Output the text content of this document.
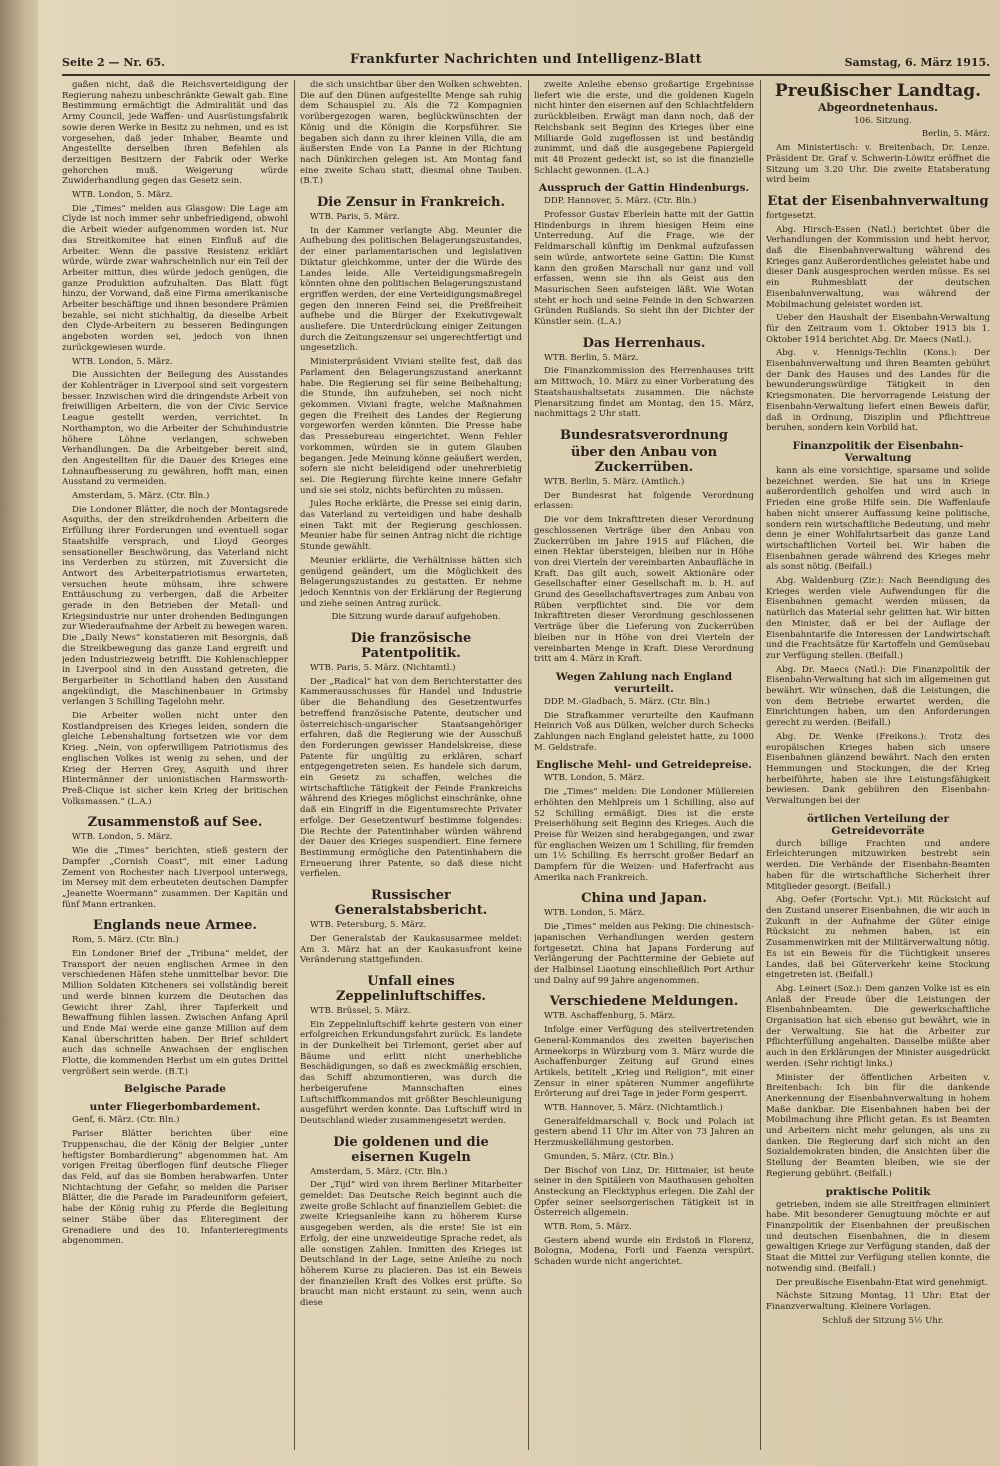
Seite 2 — Nr. 65.	Frankfurter Nachrichten und Intelligenz-Blatt	Samstag, 6. März 1915.

gaßen nicht, daß die Reichsverteidigung der Regierung nahezu unbeschränkte Gewalt gab. Eine Bestimmung ermächtigt die Admiralität und das Army Council, jede Waffen- und Ausrüstungsfabrik sowie deren Werke in Besitz zu nehmen, und es ist vorgesehen, daß jeder Inhaber, Beamte und Angestellte derselben ihren Befehlen als derzeitigen Besitzern der Fabrik oder Werke gehorchen muß. Weigerung würde Zuwiderhandlung gegen das Gesetz sein.

WTB. London, 5. März.

Die „Times“ melden aus Glasgow: Die Lage am Clyde ist noch immer sehr unbefriedigend, obwohl die Arbeit wieder aufgenommen worden ist. Nur das Streitkomitee hat einen Einfluß auf die Arbeiter. Wenn die passive Resistenz erklärt würde, würde zwar wahrscheinlich nur ein Teil der Arbeiter mittun, dies würde jedoch genügen, die ganze Produktion aufzuhalten. Das Blatt fügt hinzu, der Vorwand, daß eine Firma amerikanische Arbeiter beschäftige und ihnen besondere Prämien bezahle, sei nicht stichhaltig, da dieselbe Arbeit den Clyde-Arbeitern zu besseren Bedingungen angeboten worden sei, jedoch von ihnen zurückgewiesen wurde.

WTB. London, 5. März.

Die Aussichten der Beilegung des Ausstandes der Kohlenträger in Liverpool sind seit vorgestern besser. Inzwischen wird die dringendste Arbeit von freiwilligen Arbeitern, die von der Civic Service League gestellt werden, verrichtet. In Northampton, wo die Arbeiter der Schuhindustrie höhere Löhne verlangen, schweben Verhandlungen. Da die Arbeitgeber bereit sind, den Angestellten für die Dauer des Krieges eine Lohnaufbesserung zu gewähren, hofft man, einen Ausstand zu vermeiden.

Amsterdam, 5. März. (Ctr. Bln.)

Die Londoner Blätter, die noch der Montagsrede Asquiths, der den streikdrohenden Arbeitern die Erfüllung ihrer Forderungen und eventuell sogar Staatshilfe versprach, und Lloyd Georges sensationeller Beschwörung, das Vaterland nicht ins Verderben zu stürzen, mit Zuversicht die Antwort des Arbeiterpatriotismus erwarteten, versuchen heute mühsam, ihre schwere Enttäuschung zu verbergen, daß die Arbeiter gerade in den Betrieben der Metall- und Kriegsindustrie nur unter drohenden Bedingungen zur Wiederaufnahme der Arbeit zu bewegen waren. Die „Daily News“ konstatieren mit Besorgnis, daß die Streikbewegung das ganze Land ergreift und jeden Industriezweig betrifft. Die Kohlenschlepper in Liverpool sind in den Ausstand getreten, die Bergarbeiter in Schottland haben den Ausstand angekündigt, die Maschinenbauer in Grimsby verlangen 3 Schilling Tagelohn mehr.

Die Arbeiter wollen nicht unter den Kostlandpreisen des Krieges leiden, sondern die gleiche Lebenshaltung fortsetzen wie vor dem Krieg. „Nein, von opferwilligem Patriotismus des englischen Volkes ist wenig zu sehen, und der Krieg der Herren Grey, Asquith und ihrer Hintermänner der unionistischen Harmsworth-Preß-Clique ist sicher kein Krieg der britischen Volksmassen.“ (L.A.)

Zusammenstoß auf See.

WTB. London, 5. März.

Wie die „Times“ berichten, stieß gestern der Dampfer „Cornish Coast“, mit einer Ladung Zement von Rochester nach Liverpool unterwegs, im Mersey mit dem erbeuteten deutschen Dampfer „Jeanette Woermann“ zusammen. Der Kapitän und fünf Mann ertranken.

Englands neue Armee.

Rom, 5. März. (Ctr. Bln.)

Ein Londoner Brief der „Tribuna“ meldet, der Transport der neuen englischen Armee in den verschiedenen Häfen stehe unmittelbar bevor. Die Million Soldaten Kitcheners sei vollständig bereit und werde binnen kurzem die Deutschen das Gewicht ihrer Zahl, ihrer Tapferkeit und Bewaffnung fühlen lassen. Zwischen Anfang April und Ende Mai werde eine ganze Million auf dem Kanal überschritten haben. Der Brief schildert auch das schnelle Anwachsen der englischen Flotte, die kommenden Herbst um ein gutes Drittel vergrößert sein werde. (B.T.)

Belgische Parade
unter Fliegerbombardement.

Genf, 6. März. (Ctr. Bln.)

Pariser Blätter berichten über eine Truppenschau, die der König der Belgier „unter heftigster Bombardierung“ abgenommen hat. Am vorigen Freitag überflogen fünf deutsche Flieger das Feld, auf das sie Bomben herabwarfen. Unter Nichtachtung der Gefahr, so melden die Pariser Blätter, die die Parade im Paradeuniform gefeiert, habe der König ruhig zu Pferde die Begleitung seiner Stäbe über das Eliteregiment der Grenadiere und des 10. Infanterieregiments abgenommen.

die sich unsichtbar über den Wolken schwebten. Die auf den Dünen aufgestellte Menge sah ruhig dem Schauspiel zu. Als die 72 Kompagnien vorübergezogen waren, beglückwünschten der König und die Königin die Korpsführer. Sie begaben sich dann zu ihrer kleinen Villa, die am äußersten Ende von La Panne in der Richtung nach Dünkirchen gelegen ist. Am Montag fand eine zweite Schau statt, diesmal ohne Tauben. (B.T.)

Die Zensur in Frankreich.

WTB. Paris, 5. März.

In der Kammer verlangte Abg. Meunier die Aufhebung des politischen Belagerungszustandes, der einer parlamentarischen und legislativen Diktatur gleichkomme, unter der die Würde des Landes leide. Alle Verteidigungsmaßregeln könnten ohne den politischen Belagerungszustand ergriffen werden, der eine Verteidigungsmaßregel gegen den inneren Feind sei, die Preßfreiheit aufhebe und die Bürger der Exekutivgewalt ausliefere. Die Unterdrückung einiger Zeitungen durch die Zeitungszensur sei ungerechtfertigt und ungesetzlich.

Ministerpräsident Viviani stellte fest, daß das Parlament den Belagerungszustand anerkannt habe. Die Regierung sei für seine Beibehaltung; die Stunde, ihn aufzuheben, sei noch nicht gekommen. Viviani fragte, welche Maßnahmen gegen die Freiheit des Landes der Regierung vorgeworfen werden könnten. Die Presse habe das Pressebureau eingerichtet. Wenn Fehler vorkommen, würden sie in gutem Glauben begangen. Jede Meinung könne geäußert werden, sofern sie nicht beleidigend oder unehrerbietig sei. Die Regierung fürchte keine innere Gefahr und sie sei stolz, nichts befürchten zu müssen.

Jules Roche erklärte, die Presse sei einig darin, das Vaterland zu verteidigen und habe deshalb einen Takt mit der Regierung geschlossen. Meunier habe für seinen Antrag nicht die richtige Stunde gewählt.

Meunier erklärte, die Verhältnisse hätten sich genügend geändert, um die Möglichkeit des Belagerungszustandes zu gestatten. Er nehme jedoch Kenntnis von der Erklärung der Regierung und ziehe seinen Antrag zurück.

Die Sitzung wurde darauf aufgehoben.

Die französische Patentpolitik.

WTB. Paris, 5. März. (Nichtamtl.)

Der „Radical“ hat von dem Berichterstatter des Kammerausschusses für Handel und Industrie über die Behandlung des Gesetzentwurfes betreffend französische Patente, deutscher und österreichisch-ungarischer Staatsangehöriger erfahren, daß die Regierung wie der Ausschuß den Forderungen gewisser Handelskreise, diese Patente für ungültig zu erklären, scharf entgegengetreten seien. Es handele sich darum, ein Gesetz zu schaffen, welches die wirtschaftliche Tätigkeit der Feinde Frankreichs während des Krieges möglichst einschränke, ohne daß ein Eingriff in die Eigentumsrechte Privater erfolge. Der Gesetzentwurf bestimme folgendes: Die Rechte der Patentinhaber würden während der Dauer des Krieges suspendiert. Eine fernere Bestimmung ermögliche den Patentinhabern die Erneuerung ihrer Patente, so daß diese nicht verfielen.

Russischer Generalstabsbericht.

WTB. Petersburg, 5. März.

Der Generalstab der Kaukasusarmee meldet: Am 3. März hat an der Kaukasusfront keine Veränderung stattgefunden.

Unfall eines Zeppelinluftschiffes.

WTB. Brüssel, 5. März.

Ein Zeppelinluftschiff kehrte gestern von einer erfolgreichen Erkundungsfahrt zurück. Es landete in der Dunkelheit bei Tirlemont, geriet aber auf Bäume und erlitt nicht unerhebliche Beschädigungen, so daß es zweckmäßig erschien, das Schiff abzumontieren, was durch die herbeigerufene Mannschaften eines Luftschiffkommandos mit größter Beschleunigung ausgeführt werden konnte. Das Luftschiff wird in Deutschland wieder zusammengesetzt werden.

Die goldenen und die eisernen Kugeln

Amsterdam, 5. März. (Ctr. Bln.)

Der „Tijd“ wird von ihrem Berliner Mitarbeiter gemeldet: Das Deutsche Reich beginnt auch die zweite große Schlacht auf finanziellem Gebiet: die zweite Kriegsanleihe kann zu höherem Kurse ausgegeben werden, als die erste! Sie ist ein Erfolg, der eine unzweideutige Sprache redet, als alle sonstigen Zahlen. Inmitten des Krieges ist Deutschland in der Lage, seine Anleihe zu noch höherem Kurse zu placieren. Das ist ein Beweis der finanziellen Kraft des Volkes erst prüfte. So braucht man nicht erstaunt zu sein, wenn auch diese

zweite Anleihe ebenso großartige Ergebnisse liefert wie die erste, und die goldenen Kugeln nicht hinter den eisernen auf den Schlachtfeldern zurückbleiben. Erwägt man dann noch, daß der Reichsbank seit Beginn des Krieges über eine Milliarde Gold zugeflossen ist und beständig zunimmt, und daß die ausgegebene Papiergeld mit 48 Prozent gedeckt ist, so ist die finanzielle Schlacht gewonnen. (L.A.)

Ausspruch der Gattin Hindenburgs.

DDP. Hannover, 5. März. (Ctr. Bln.)

Professor Gustav Eberlein hatte mit der Gattin Hindenburgs in ihrem hiesigen Heim eine Unterredung. Auf die Frage, wie der Feldmarschall künftig im Denkmal aufzufassen sein würde, antwortete seine Gattin: Die Kunst kann den großen Marschall nur ganz und voll erfassen, wenn sie ihn als Geist aus den Masurischen Seen aufsteigen läßt. Wie Wotan steht er hoch und seine Feinde in den Schwarzen Gründen Rußlands. So sieht ihn der Dichter der Künstler sein. (L.A.)

Das Herrenhaus.

WTB. Berlin, 5. März.

Die Finanzkommission des Herrenhauses tritt am Mittwoch, 10. März zu einer Vorberatung des Staatshaushaltsetats zusammen. Die nächste Plenarsitzung findet am Montag, den 15. März, nachmittags 2 Uhr statt.

Bundesratsverordnung
über den Anbau von Zuckerrüben.

WTB. Berlin, 5. März. (Amtlich.)

Der Bundesrat hat folgende Verordnung erlassen:

Die vor dem Inkrafttreten dieser Verordnung geschlossenen Verträge über den Anbau von Zuckerrüben im Jahre 1915 auf Flächen, die einen Hektar übersteigen, bleiben nur in Höhe von drei Vierteln der vereinbarten Anbaufläche in Kraft. Das gilt auch, soweit Aktionäre oder Gesellschafter einer Gesellschaft m. b. H. auf Grund des Gesellschaftsvertrages zum Anbau von Rüben verpflichtet sind. Die vor dem Inkrafttreten dieser Verordnung geschlossenen Verträge über die Lieferung von Zuckerrüben bleiben nur in Höhe von drei Vierteln der vereinbarten Menge in Kraft. Diese Verordnung tritt am 4. März in Kraft.

Wegen Zahlung nach England verurteilt.

DDP. M.-Gladbach, 5. März. (Ctr. Bln.)

Die Strafkammer verurteilte den Kaufmann Heinrich Voß aus Dülken, welcher durch Schecks Zahlungen nach England geleistet hatte, zu 1000 M. Geldstrafe.

Englische Mehl- und Getreidepreise.

WTB. London, 5. März.

Die „Times“ melden: Die Londoner Müllereien erhöhten den Mehlpreis um 1 Schilling, also auf 52 Schilling ermäßigt. Dies ist die erste Preiserhöhung seit Beginn des Krieges. Auch die Preise für Weizen sind herabgegangen, und zwar für englischen Weizen um 1 Schilling, für fremden um 1½ Schilling. Es herrscht großer Bedarf an Dampfern für die Weizen- und Haferfracht aus Amerika nach Frankreich.

China und Japan.

WTB. London, 5. März.

Die „Times“ melden aus Peking: Die chinesisch-japanischen Verhandlungen werden gestern fortgesetzt. China hat Japans Forderung auf Verlängerung der Pachttermine der Gebiete auf der Halbinsel Liaotung einschließlich Port Arthur und Dalny auf 99 Jahre angenommen.

Verschiedene Meldungen.

WTB. Aschaffenburg, 5. März.

Infolge einer Verfügung des stellvertretenden General-Kommandos des zweiten bayerischen Armeekorps in Würzburg vom 3. März wurde die Aschaffenburger Zeitung auf Grund eines Artikels, betitelt „Krieg und Religion“, mit einer Zensur in einer späteren Nummer angeführte Erörterung auf drei Tage in jeder Form gesperrt.

WTB. Hannover, 5. März. (Nichtamtlich.)

Generalfeldmarschall v. Bock und Polach ist gestern abend 11 Uhr im Alter von 73 Jahren an Herzmuskellähmung gestorben.

Gmunden, 5. März. (Ctr. Bln.)

Der Bischof von Linz, Dr. Hittmaier, ist heute seiner in den Spitälern von Mauthausen geholten Ansteckung an Flecktyphus erlegen. Die Zahl der Opfer seiner seelsorgerischen Tätigkeit ist in Österreich allgemein.

WTB. Rom, 5. März.

Gestern abend wurde ein Erdstoß in Florenz, Bologna, Modena, Forli und Faenza verspürt. Schaden wurde nicht angerichtet.

Preußischer Landtag.
Abgeordnetenhaus.

106. Sitzung.

Berlin, 5. März.

Am Ministertisch: v. Breitenbach, Dr. Lenze. Präsident Dr. Graf v. Schwerin-Löwitz eröffnet die Sitzung um 3.20 Uhr. Die zweite Etatsberatung wird beim

Etat der Eisenbahnverwaltung

fortgesetzt.

Abg. Hirsch-Essen (Natl.) berichtet über die Verhandlungen der Kommission und hebt hervor, daß die Eisenbahnverwaltung während des Krieges ganz Außerordentliches geleistet habe und dieser Dank ausgesprochen werden müsse. Es sei ein Ruhmesblatt der deutschen Eisenbahnverwaltung, was während der Mobilmachung geleistet worden ist.

Ueber den Haushalt der Eisenbahn-Verwaltung für den Zeitraum vom 1. Oktober 1913 bis 1. Oktober 1914 berichtet Abg. Dr. Maecs (Natl.).

Abg. v. Hennigs-Techlin (Kons.): Der Eisenbahnverwaltung und ihren Beamten gebührt der Dank des Hauses und des Landes für die bewunderungswürdige Tätigkeit in den Kriegsmonaten. Die hervorragende Leistung der Eisenbahn-Verwaltung liefert einen Beweis dafür, daß in Ordnung, Disziplin und Pflichttreue beruhen, sondern kein Vorbild hat.

Finanzpolitik der Eisenbahn-Verwaltung

kann als eine vorsichtige, sparsame und solide bezeichnet werden. Sie hat uns in Kriege außerordentlich geholfen und wird auch in Frieden eine große Hilfe sein. Die Waffenlaufe haben nicht unserer Auffassung keine politische, sondern rein wirtschaftliche Bedeutung, und mehr denn je einer Wohlfahrtsarbeit das ganze Land wirtschaftlichen Vorteil bei. Wir haben die Eisenbahnen gerade während des Krieges mehr als sonst nötig. (Beifall.)

Abg. Waldenburg (Zir.): Nach Beendigung des Krieges werden viele Aufwendungen für die Eisenbahnen gemacht werden müssen, da natürlich das Material sehr gelitten hat. Wir bitten den Minister, daß er bei der Auflage der Eisenbahntarife die Interessen der Landwirtschaft und die Frachtsätze für Kartoffeln und Gemüsebau zur Verfügung stellen. (Beifall.)

Abg. Dr. Maecs (Natl.): Die Finanzpolitik der Eisenbahn-Verwaltung hat sich im allgemeinen gut bewährt. Wir wünschen, daß die Leistungen, die von dem Betriebe erwartet werden, die Einrichtungen haben, um den Anforderungen gerecht zu werden. (Beifall.)

Abg. Dr. Wenke (Freikons.): Trotz des europäischen Krieges haben sich unsere Eisenbahnen glänzend bewährt. Nach den ersten Hemmungen und Stockungen, die der Krieg herbeiführte, haben sie ihre Leistungsfähigkeit bewiesen. Dank gebühren den Eisenbahn-Verwaltungen bei der

örtlichen Verteilung der Getreidevorräte

durch billige Frachten und andere Erleichterungen mitzuwirken bestrebt sein werden. Die Verbände der Eisenbahn-Beamten haben für die wirtschaftliche Sicherheit ihrer Mitglieder gesorgt. (Beifall.)

Abg. Oefer (Fortschr. Vpt.): Mit Rücksicht auf den Zustand unserer Eisenbahnen, die wir auch in Zukunft in der Aufnahme der Güter einige Rücksicht zu nehmen haben, ist ein Zusammenwirken mit der Militärverwaltung nötig. Es ist ein Beweis für die Tüchtigkeit unseres Landes, daß bei Güterverkehr keine Stockung eingetreten ist. (Beifall.)

Abg. Leinert (Soz.): Dem ganzen Volke ist es ein Anlaß der Freude über die Leistungen der Eisenbahnbeamten. Die gewerkschaftliche Organisation hat sich ebenso gut bewährt, wie in der Verwaltung. Sie hat die Arbeiter zur Pflichterfüllung angehalten. Dasselbe müßte aber auch in den Erklärungen der Minister ausgedrückt werden. (Sehr richtig! links.)

Minister der öffentlichen Arbeiten v. Breitenbach: Ich bin für die dankende Anerkennung der Eisenbahnverwaltung in hohem Maße dankbar. Die Eisenbahnen haben bei der Mobilmachung ihre Pflicht getan. Es ist Beamten und Arbeitern nicht mehr gelungen, als uns zu danken. Die Regierung darf sich nicht an den Sozialdemokraten binden, die Ansichten über die Stellung der Beamten bleiben, wie sie der Regierung gebührt. (Beifall.)

praktische Politik

getrieben, indem sie alle Streitfragen eliminiert habe. Mit besonderer Genugtuung möchte er auf Finanzpolitik der Eisenbahnen der preußischen und deutschen Eisenbahnen, die in diesem gewaltigen Kriege zur Verfügung standen, daß der Staat die Mittel zur Verfügung stellen konnte, die notwendig sind. (Beifall.)

Der preußische Eisenbahn-Etat wird genehmigt.

Nächste Sitzung Montag, 11 Uhr: Etat der Finanzverwaltung. Kleinere Vorlagen.

Schluß der Sitzung 5½ Uhr.
